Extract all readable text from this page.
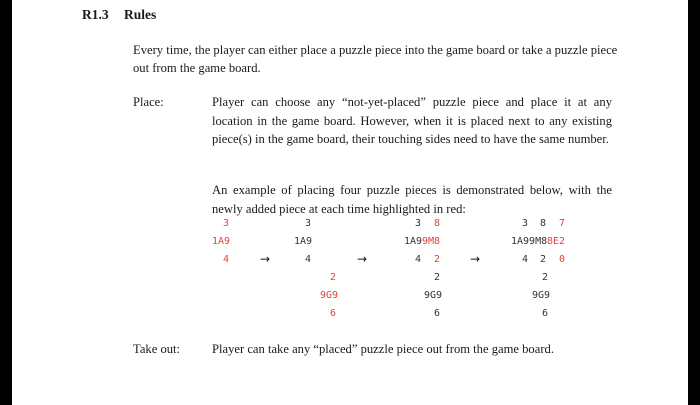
R1.3 Rules
Every time, the player can either place a puzzle piece into the game board or take a puzzle piece out from the game board.
Place:	Player can choose any “not-yet-placed” puzzle piece and place it at any location in the game board. However, when it is placed next to any existing piece(s) in the game board, their touching sides need to have the same number.
An example of placing four puzzle pieces is demonstrated below, with the newly added piece at each time highlighted in red:
3
1A9
4	→
3
1A9
4
2
9G9
6
→
3 8
1A9 9M8
4 2
2
9G9
6
→
3 8 7
1A99M8 8E2
4 2 0
2
9G9
6
Take out:	Player can take any “placed” puzzle piece out from the game board.
